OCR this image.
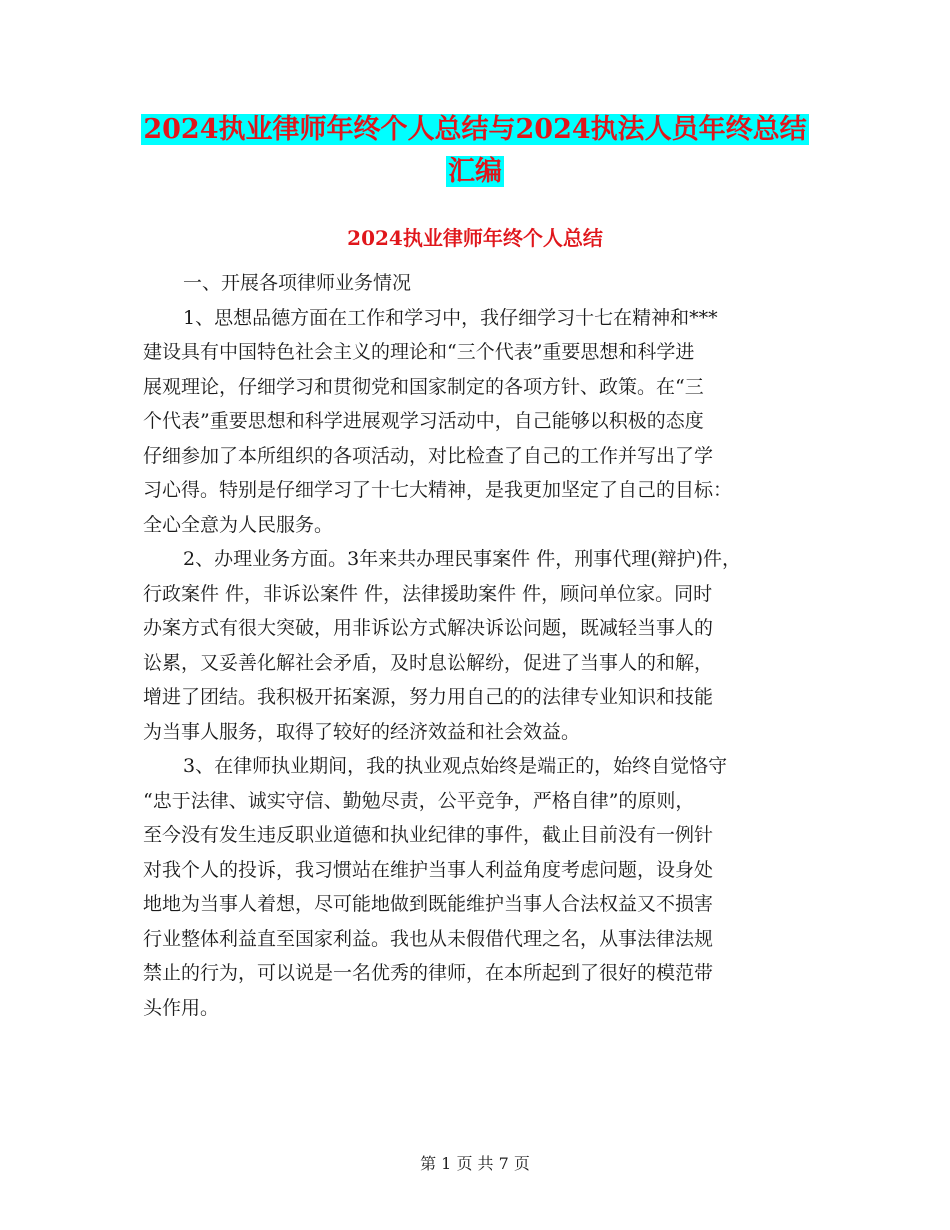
2024执业律师年终个人总结与2024执法人员年终总结
汇编
2024执业律师年终个人总结
一、开展各项律师业务情况
1、思想品德方面在工作和学习中，我仔细学习十七在精神和***
建设具有中国特色社会主义的理论和“三个代表”重要思想和科学进
展观理论，仔细学习和贯彻党和国家制定的各项方针、政策。在“三
个代表”重要思想和科学进展观学习活动中，自己能够以积极的态度
仔细参加了本所组织的各项活动，对比检查了自己的工作并写出了学
习心得。特别是仔细学习了十七大精神，是我更加坚定了自己的目标：
全心全意为人民服务。
2、办理业务方面。3年来共办理民事案件 件，刑事代理(辩护)件，
行政案件 件，非诉讼案件 件，法律援助案件 件，顾问单位家。同时
办案方式有很大突破，用非诉讼方式解决诉讼问题，既减轻当事人的
讼累，又妥善化解社会矛盾，及时息讼解纷，促进了当事人的和解，
增进了团结。我积极开拓案源，努力用自己的的法律专业知识和技能
为当事人服务，取得了较好的经济效益和社会效益。
3、在律师执业期间，我的执业观点始终是端正的，始终自觉恪守
“忠于法律、诚实守信、勤勉尽责，公平竞争，严格自律”的原则，
至今没有发生违反职业道德和执业纪律的事件，截止目前没有一例针
对我个人的投诉，我习惯站在维护当事人利益角度考虑问题，设身处
地地为当事人着想，尽可能地做到既能维护当事人合法权益又不损害
行业整体利益直至国家利益。我也从未假借代理之名，从事法律法规
禁止的行为，可以说是一名优秀的律师，在本所起到了很好的模范带
头作用。
第 1 页 共 7 页
